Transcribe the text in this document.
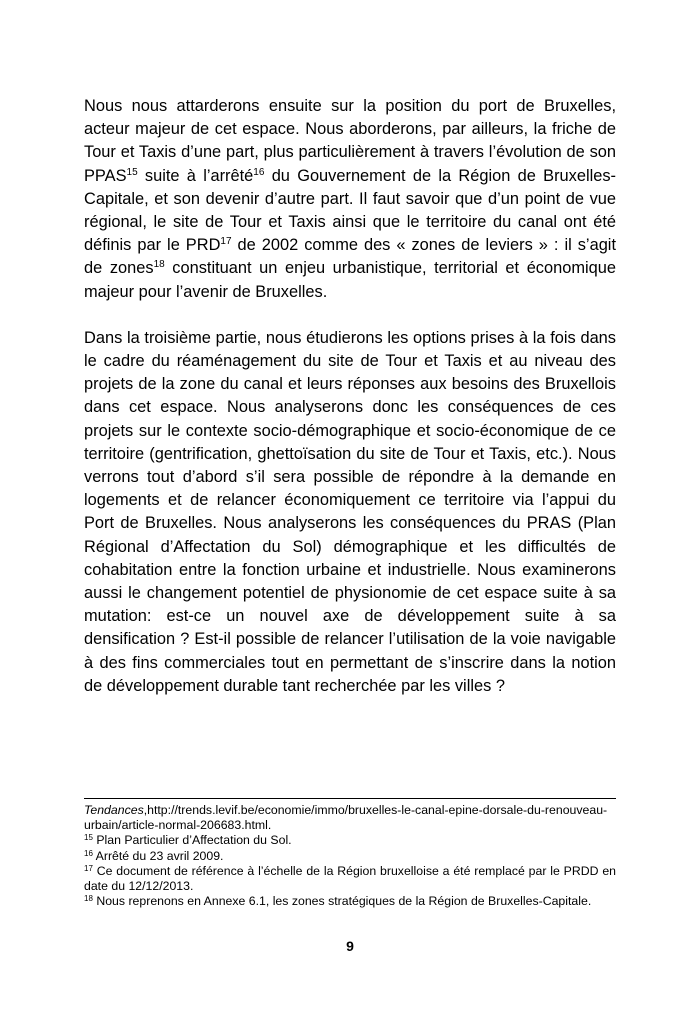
Nous nous attarderons ensuite sur la position du port de Bruxelles, acteur majeur de cet espace. Nous aborderons, par ailleurs, la friche de Tour et Taxis d’une part, plus particulièrement à travers l’évolution de son PPAS$^{15}$ suite à l’arrêté$^{16}$ du Gouvernement de la Région de Bruxelles-Capitale, et son devenir d’autre part. Il faut savoir que d’un point de vue régional, le site de Tour et Taxis ainsi que le territoire du canal ont été définis par le PRD$^{17}$ de 2002 comme des « zones de leviers » : il s’agit de zones$^{18}$ constituant un enjeu urbanistique, territorial et économique majeur pour l’avenir de Bruxelles.

Dans la troisième partie, nous étudierons les options prises à la fois dans le cadre du réaménagement du site de Tour et Taxis et au niveau des projets de la zone du canal et leurs réponses aux besoins des Bruxellois dans cet espace. Nous analyserons donc les conséquences de ces projets sur le contexte socio-démographique et socio-économique de ce territoire (gentrification, ghettoïsation du site de Tour et Taxis, etc.). Nous verrons tout d’abord s’il sera possible de répondre à la demande en logements et de relancer économiquement ce territoire via l’appui du Port de Bruxelles. Nous analyserons les conséquences du PRAS (Plan Régional d’Affectation du Sol) démographique et les difficultés de cohabitation entre la fonction urbaine et industrielle. Nous examinerons aussi le changement potentiel de physionomie de cet espace suite à sa mutation: est-ce un nouvel axe de développement suite à sa densification ? Est-il possible de relancer l’utilisation de la voie navigable à des fins commerciales tout en permettant de s’inscrire dans la notion de développement durable tant recherchée par les villes ?

Tendances,http://trends.levif.be/economie/immo/bruxelles-le-canal-epine-dorsale-du-renouveau-urbain/article-normal-206683.html.

$^{15}$ Plan Particulier d’Affectation du Sol.

$^{16}$ Arrêté du 23 avril 2009.

$^{17}$ Ce document de référence à l’échelle de la Région bruxelloise a été remplacé par le PRDD en date du 12/12/2013.

$^{18}$ Nous reprenons en Annexe 6.1, les zones stratégiques de la Région de Bruxelles-Capitale.

9
